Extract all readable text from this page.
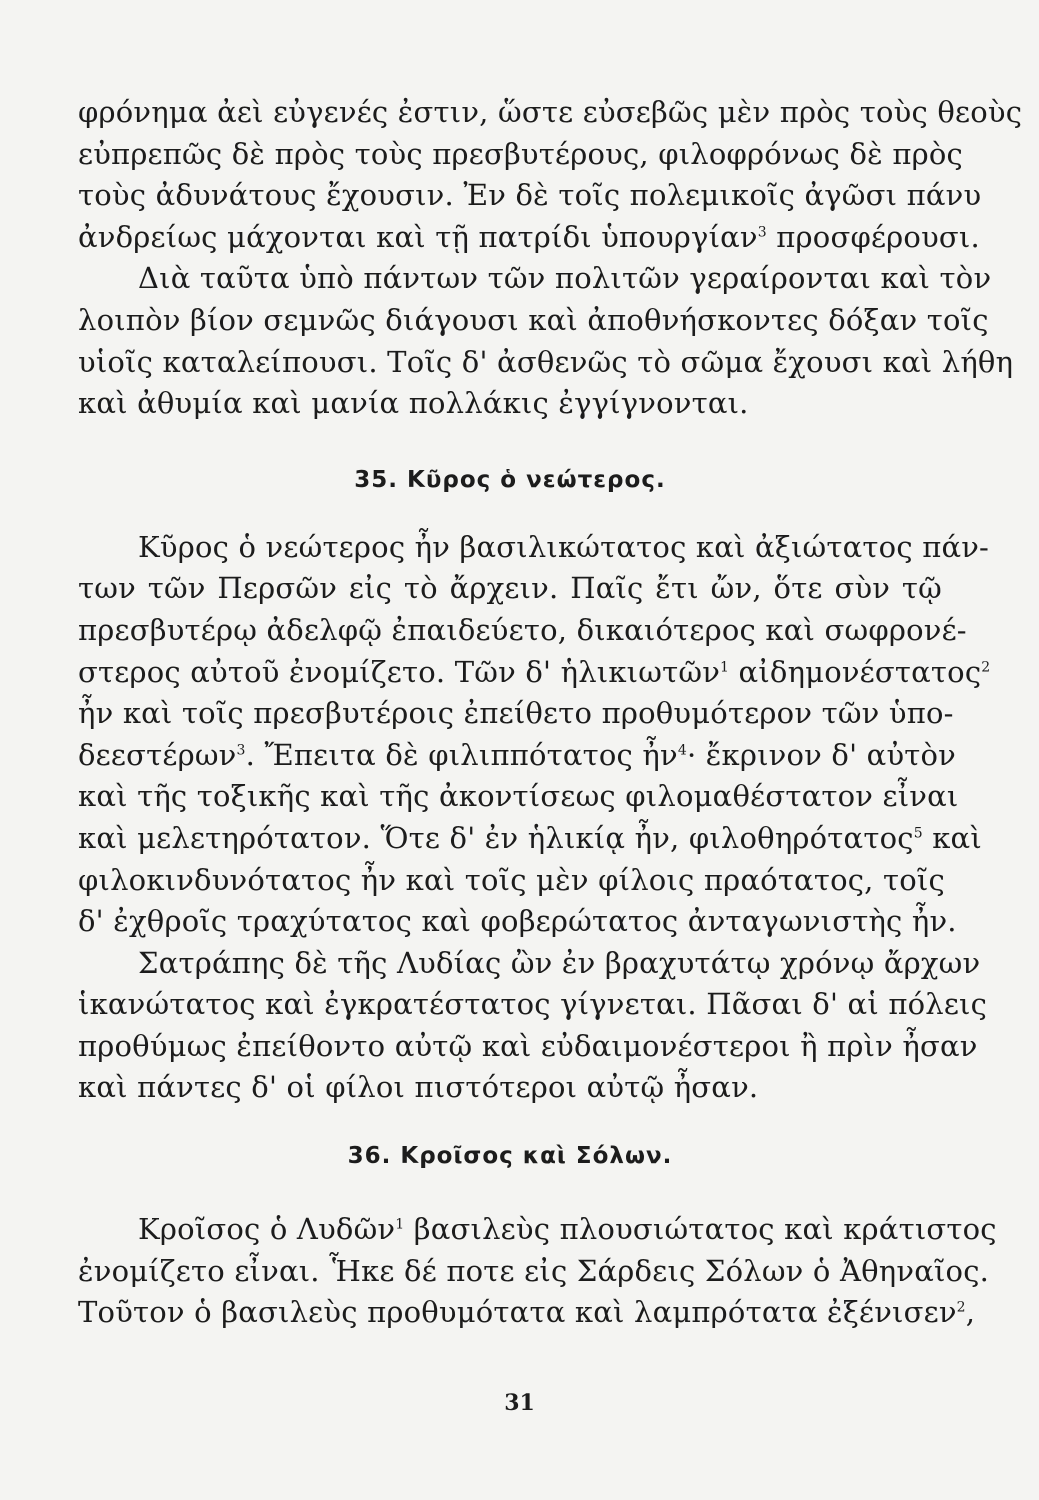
φρόνημα ἀεὶ εὐγενές ἐστιν, ὥστε εὐσεβῶς μὲν πρὸς τοὺς θεοὺς
εὐπρεπῶς δὲ πρὸς τοὺς πρεσβυτέρους, φιλοφρόνως δὲ πρὸς
τοὺς ἀδυνάτους ἔχουσιν. Ἐν δὲ τοῖς πολεμικοῖς ἀγῶσι πάνυ
ἀνδρείως μάχονται καὶ τῇ πατρίδι ὑπουργίαν$^3$ προσφέρουσι.
Διὰ ταῦτα ὑπὸ πάντων τῶν πολιτῶν γεραίρονται καὶ τὸν
λοιπὸν βίον σεμνῶς διάγουσι καὶ ἀποθνήσκοντες δόξαν τοῖς
υἱοῖς καταλείπουσι. Τοῖς δ' ἀσθενῶς τὸ σῶμα ἔχουσι καὶ λήθη
καὶ ἀθυμία καὶ μανία πολλάκις ἐγγίγνονται.
35. Κῦρος ὁ νεώτερος.
Κῦρος ὁ νεώτερος ἦν βασιλικώτατος καὶ ἀξιώτατος πάν-
των τῶν Περσῶν εἰς τὸ ἄρχειν. Παῖς ἔτι ὤν, ὅτε σὺν τῷ
πρεσβυτέρῳ ἀδελφῷ ἐπαιδεύετο, δικαιότερος καὶ σωφρονέ-
στερος αὐτοῦ ἐνομίζετο. Τῶν δ' ἡλικιωτῶν$^1$ αἰδημονέστατος$^2$
ἦν καὶ τοῖς πρεσβυτέροις ἐπείθετο προθυμότερον τῶν ὑπο-
δεεστέρων$^3$. Ἔπειτα δὲ φιλιππότατος ἦν$^4$· ἔκρινον δ' αὐτὸν
καὶ τῆς τοξικῆς καὶ τῆς ἀκοντίσεως φιλομαθέστατον εἶναι
καὶ μελετηρότατον. Ὅτε δ' ἐν ἡλικίᾳ ἦν, φιλοθηρότατος$^5$ καὶ
φιλοκινδυνότατος ἦν καὶ τοῖς μὲν φίλοις πραότατος, τοῖς
δ' ἐχθροῖς τραχύτατος καὶ φοβερώτατος ἀνταγωνιστὴς ἦν.
Σατράπης δὲ τῆς Λυδίας ὢν ἐν βραχυτάτῳ χρόνῳ ἄρχων
ἱκανώτατος καὶ ἐγκρατέστατος γίγνεται. Πᾶσαι δ' αἱ πόλεις
προθύμως ἐπείθοντο αὐτῷ καὶ εὐδαιμονέστεροι ἢ πρὶν ἦσαν
καὶ πάντες δ' οἱ φίλοι πιστότεροι αὐτῷ ἦσαν.
36. Κροῖσος καὶ Σόλων.
Κροῖσος ὁ Λυδῶν$^1$ βασιλεὺς πλουσιώτατος καὶ κράτιστος
ἐνομίζετο εἶναι. Ἧκε δέ ποτε εἰς Σάρδεις Σόλων ὁ Ἀθηναῖος.
Τοῦτον ὁ βασιλεὺς προθυμότατα καὶ λαμπρότατα ἐξένισεν$^2$,
31
